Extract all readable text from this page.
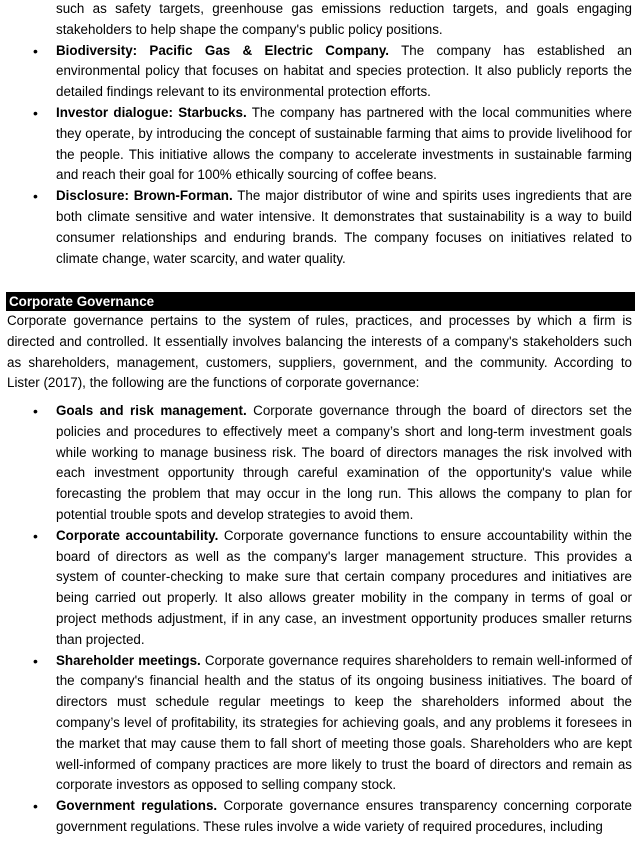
such as safety targets, greenhouse gas emissions reduction targets, and goals engaging stakeholders to help shape the company's public policy positions.
• Biodiversity: Pacific Gas & Electric Company. The company has established an environmental policy that focuses on habitat and species protection. It also publicly reports the detailed findings relevant to its environmental protection efforts.
• Investor dialogue: Starbucks. The company has partnered with the local communities where they operate, by introducing the concept of sustainable farming that aims to provide livelihood for the people. This initiative allows the company to accelerate investments in sustainable farming and reach their goal for 100% ethically sourcing of coffee beans.
• Disclosure: Brown-Forman. The major distributor of wine and spirits uses ingredients that are both climate sensitive and water intensive. It demonstrates that sustainability is a way to build consumer relationships and enduring brands. The company focuses on initiatives related to climate change, water scarcity, and water quality.
Corporate Governance
Corporate governance pertains to the system of rules, practices, and processes by which a firm is directed and controlled. It essentially involves balancing the interests of a company's stakeholders such as shareholders, management, customers, suppliers, government, and the community. According to Lister (2017), the following are the functions of corporate governance:
• Goals and risk management. Corporate governance through the board of directors set the policies and procedures to effectively meet a company’s short and long-term investment goals while working to manage business risk. The board of directors manages the risk involved with each investment opportunity through careful examination of the opportunity's value while forecasting the problem that may occur in the long run. This allows the company to plan for potential trouble spots and develop strategies to avoid them.
• Corporate accountability. Corporate governance functions to ensure accountability within the board of directors as well as the company's larger management structure. This provides a system of counter-checking to make sure that certain company procedures and initiatives are being carried out properly. It also allows greater mobility in the company in terms of goal or project methods adjustment, if in any case, an investment opportunity produces smaller returns than projected.
• Shareholder meetings. Corporate governance requires shareholders to remain well-informed of the company's financial health and the status of its ongoing business initiatives. The board of directors must schedule regular meetings to keep the shareholders informed about the company’s level of profitability, its strategies for achieving goals, and any problems it foresees in the market that may cause them to fall short of meeting those goals. Shareholders who are kept well-informed of company practices are more likely to trust the board of directors and remain as corporate investors as opposed to selling company stock.
• Government regulations. Corporate governance ensures transparency concerning corporate government regulations. These rules involve a wide variety of required procedures, including
